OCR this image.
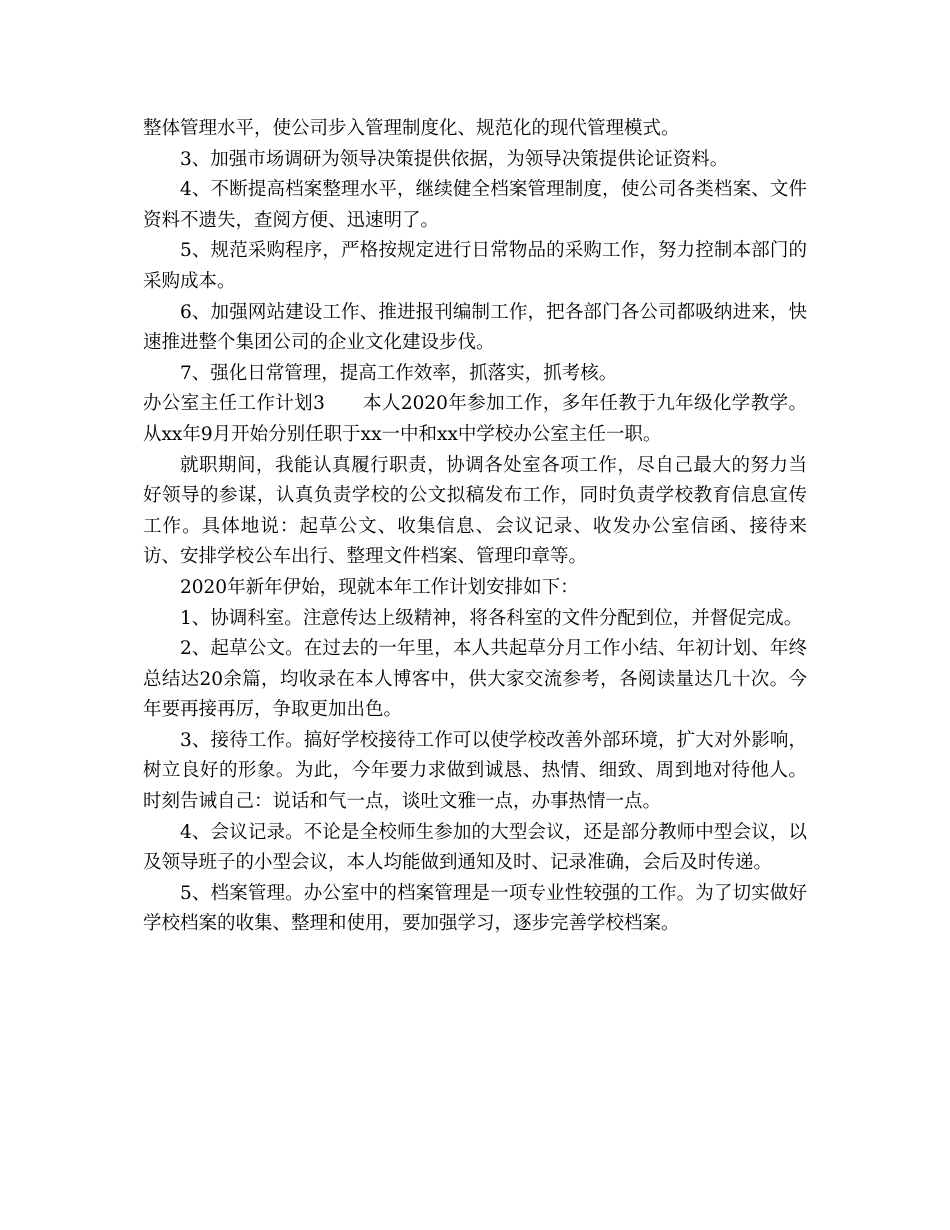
整体管理水平，使公司步入管理制度化、规范化的现代管理模式。

3、加强市场调研为领导决策提供依据，为领导决策提供论证资料。

4、不断提高档案整理水平，继续健全档案管理制度，使公司各类档案、文件资料不遗失，查阅方便、迅速明了。

5、规范采购程序，严格按规定进行日常物品的采购工作，努力控制本部门的采购成本。

6、加强网站建设工作、推进报刊编制工作，把各部门各公司都吸纳进来，快速推进整个集团公司的企业文化建设步伐。

7、强化日常管理，提高工作效率，抓落实，抓考核。

办公室主任工作计划3　　本人2020年参加工作，多年任教于九年级化学教学。从xx年9月开始分别任职于xx一中和xx中学校办公室主任一职。

就职期间，我能认真履行职责，协调各处室各项工作，尽自己最大的努力当好领导的参谋，认真负责学校的公文拟稿发布工作，同时负责学校教育信息宣传工作。具体地说：起草公文、收集信息、会议记录、收发办公室信函、接待来访、安排学校公车出行、整理文件档案、管理印章等。

2020年新年伊始，现就本年工作计划安排如下：

1、协调科室。注意传达上级精神，将各科室的文件分配到位，并督促完成。

2、起草公文。在过去的一年里，本人共起草分月工作小结、年初计划、年终总结达20余篇，均收录在本人博客中，供大家交流参考，各阅读量达几十次。今年要再接再厉，争取更加出色。

3、接待工作。搞好学校接待工作可以使学校改善外部环境，扩大对外影响，树立良好的形象。为此，今年要力求做到诚恳、热情、细致、周到地对待他人。时刻告诫自己：说话和气一点，谈吐文雅一点，办事热情一点。

4、会议记录。不论是全校师生参加的大型会议，还是部分教师中型会议，以及领导班子的小型会议，本人均能做到通知及时、记录准确，会后及时传递。

5、档案管理。办公室中的档案管理是一项专业性较强的工作。为了切实做好学校档案的收集、整理和使用，要加强学习，逐步完善学校档案。
